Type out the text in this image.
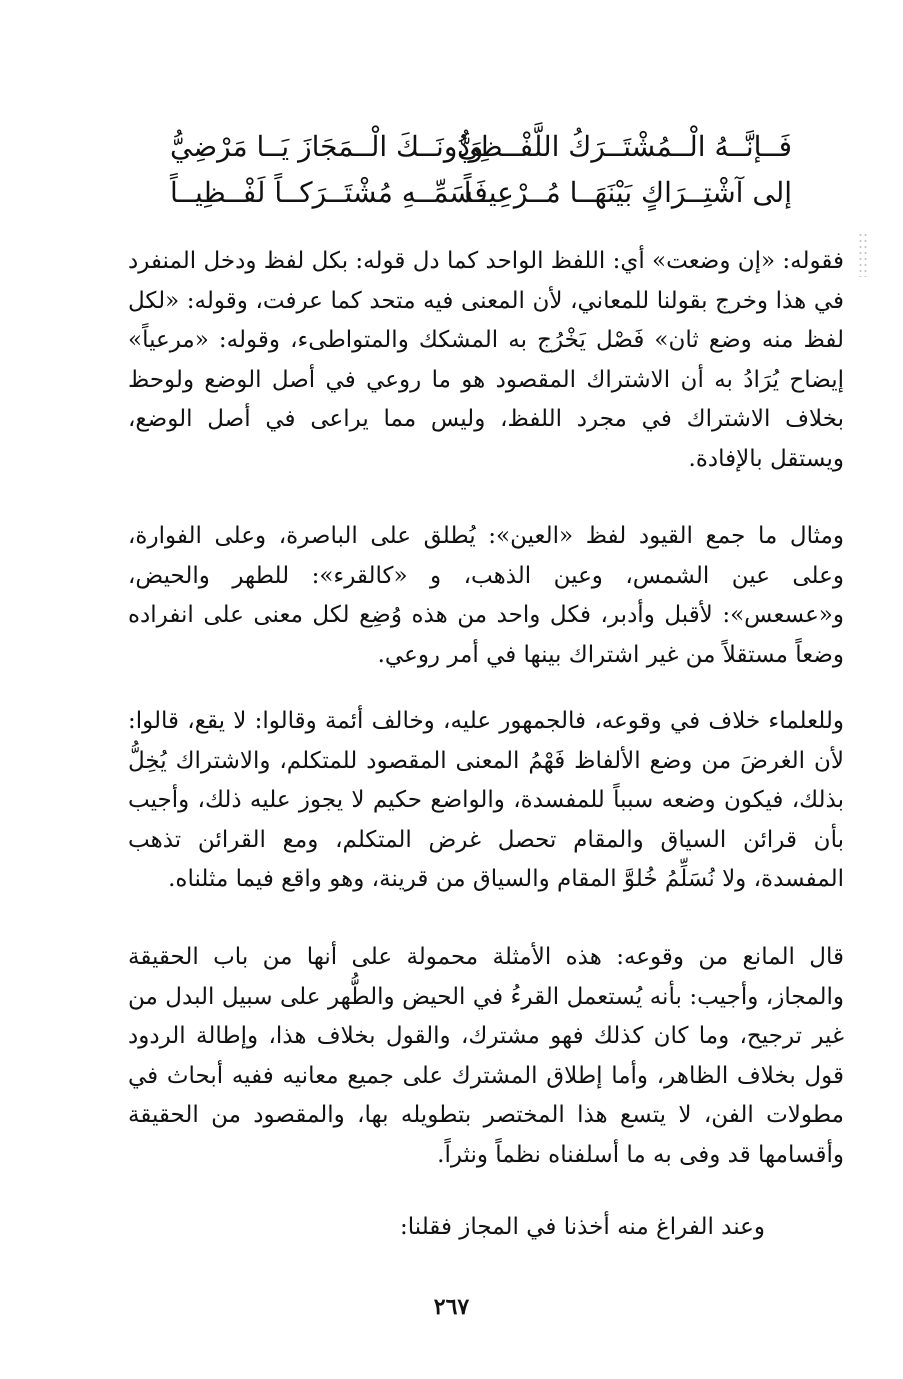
فَــإنَّــهُ الْــمُشْتَــرَكُ اللَّفْــظِيُّ
وَدُونَــكَ الْــمَجَازَ يَــا مَرْضِيُّ
إلى آشْتِــرَاكٍ بَيْنَهَــا مُــرْعِيــاً
فَسَمِّــهِ مُشْتَــرَكــاً لَفْــظِيــاً

فقوله: «إن وضعت» أي: اللفظ الواحد كما دل قوله: بكل لفظ ودخل المنفرد في هذا وخرج بقولنا للمعاني، لأن المعنى فيه متحد كما عرفت، وقوله: «لكل لفظ منه وضع ثان» فَصْل يَخْرُج به المشكك والمتواطىء، وقوله: «مرعياً» إيضاح يُرَادُ به أن الاشتراك المقصود هو ما روعي في أصل الوضع ولوحظ بخلاف الاشتراك في مجرد اللفظ، وليس مما يراعى في أصل الوضع، ويستقل بالإفادة.

ومثال ما جمع القيود لفظ «العين»: يُطلق على الباصرة، وعلى الفوارة، وعلى عين الشمس، وعين الذهب، و «كالقرء»: للطهر والحيض، و«عسعس»: لأقبل وأدبر، فكل واحد من هذه وُضِع لكل معنى على انفراده وضعاً مستقلاً من غير اشتراك بينها في أمر روعي.

وللعلماء خلاف في وقوعه، فالجمهور عليه، وخالف أئمة وقالوا: لا يقع، قالوا: لأن الغرضَ من وضع الألفاظ فَهْمُ المعنى المقصود للمتكلم، والاشتراك يُخِلُّ بذلك، فيكون وضعه سبباً للمفسدة، والواضع حكيم لا يجوز عليه ذلك، وأجيب بأن قرائن السياق والمقام تحصل غرض المتكلم، ومع القرائن تذهب المفسدة، ولا نُسَلِّمُ خُلوَّ المقام والسياق من قرينة، وهو واقع فيما مثلناه.

قال المانع من وقوعه: هذه الأمثلة محمولة على أنها من باب الحقيقة والمجاز، وأجيب: بأنه يُستعمل القرءُ في الحيض والطُّهر على سبيل البدل من غير ترجيح، وما كان كذلك فهو مشترك، والقول بخلاف هذا، وإطالة الردود قول بخلاف الظاهر، وأما إطلاق المشترك على جميع معانيه ففيه أبحاث في مطولات الفن، لا يتسع هذا المختصر بتطويله بها، والمقصود من الحقيقة وأقسامها قد وفى به ما أسلفناه نظماً ونثراً.

وعند الفراغ منه أخذنا في المجاز فقلنا:

٢٦٧
